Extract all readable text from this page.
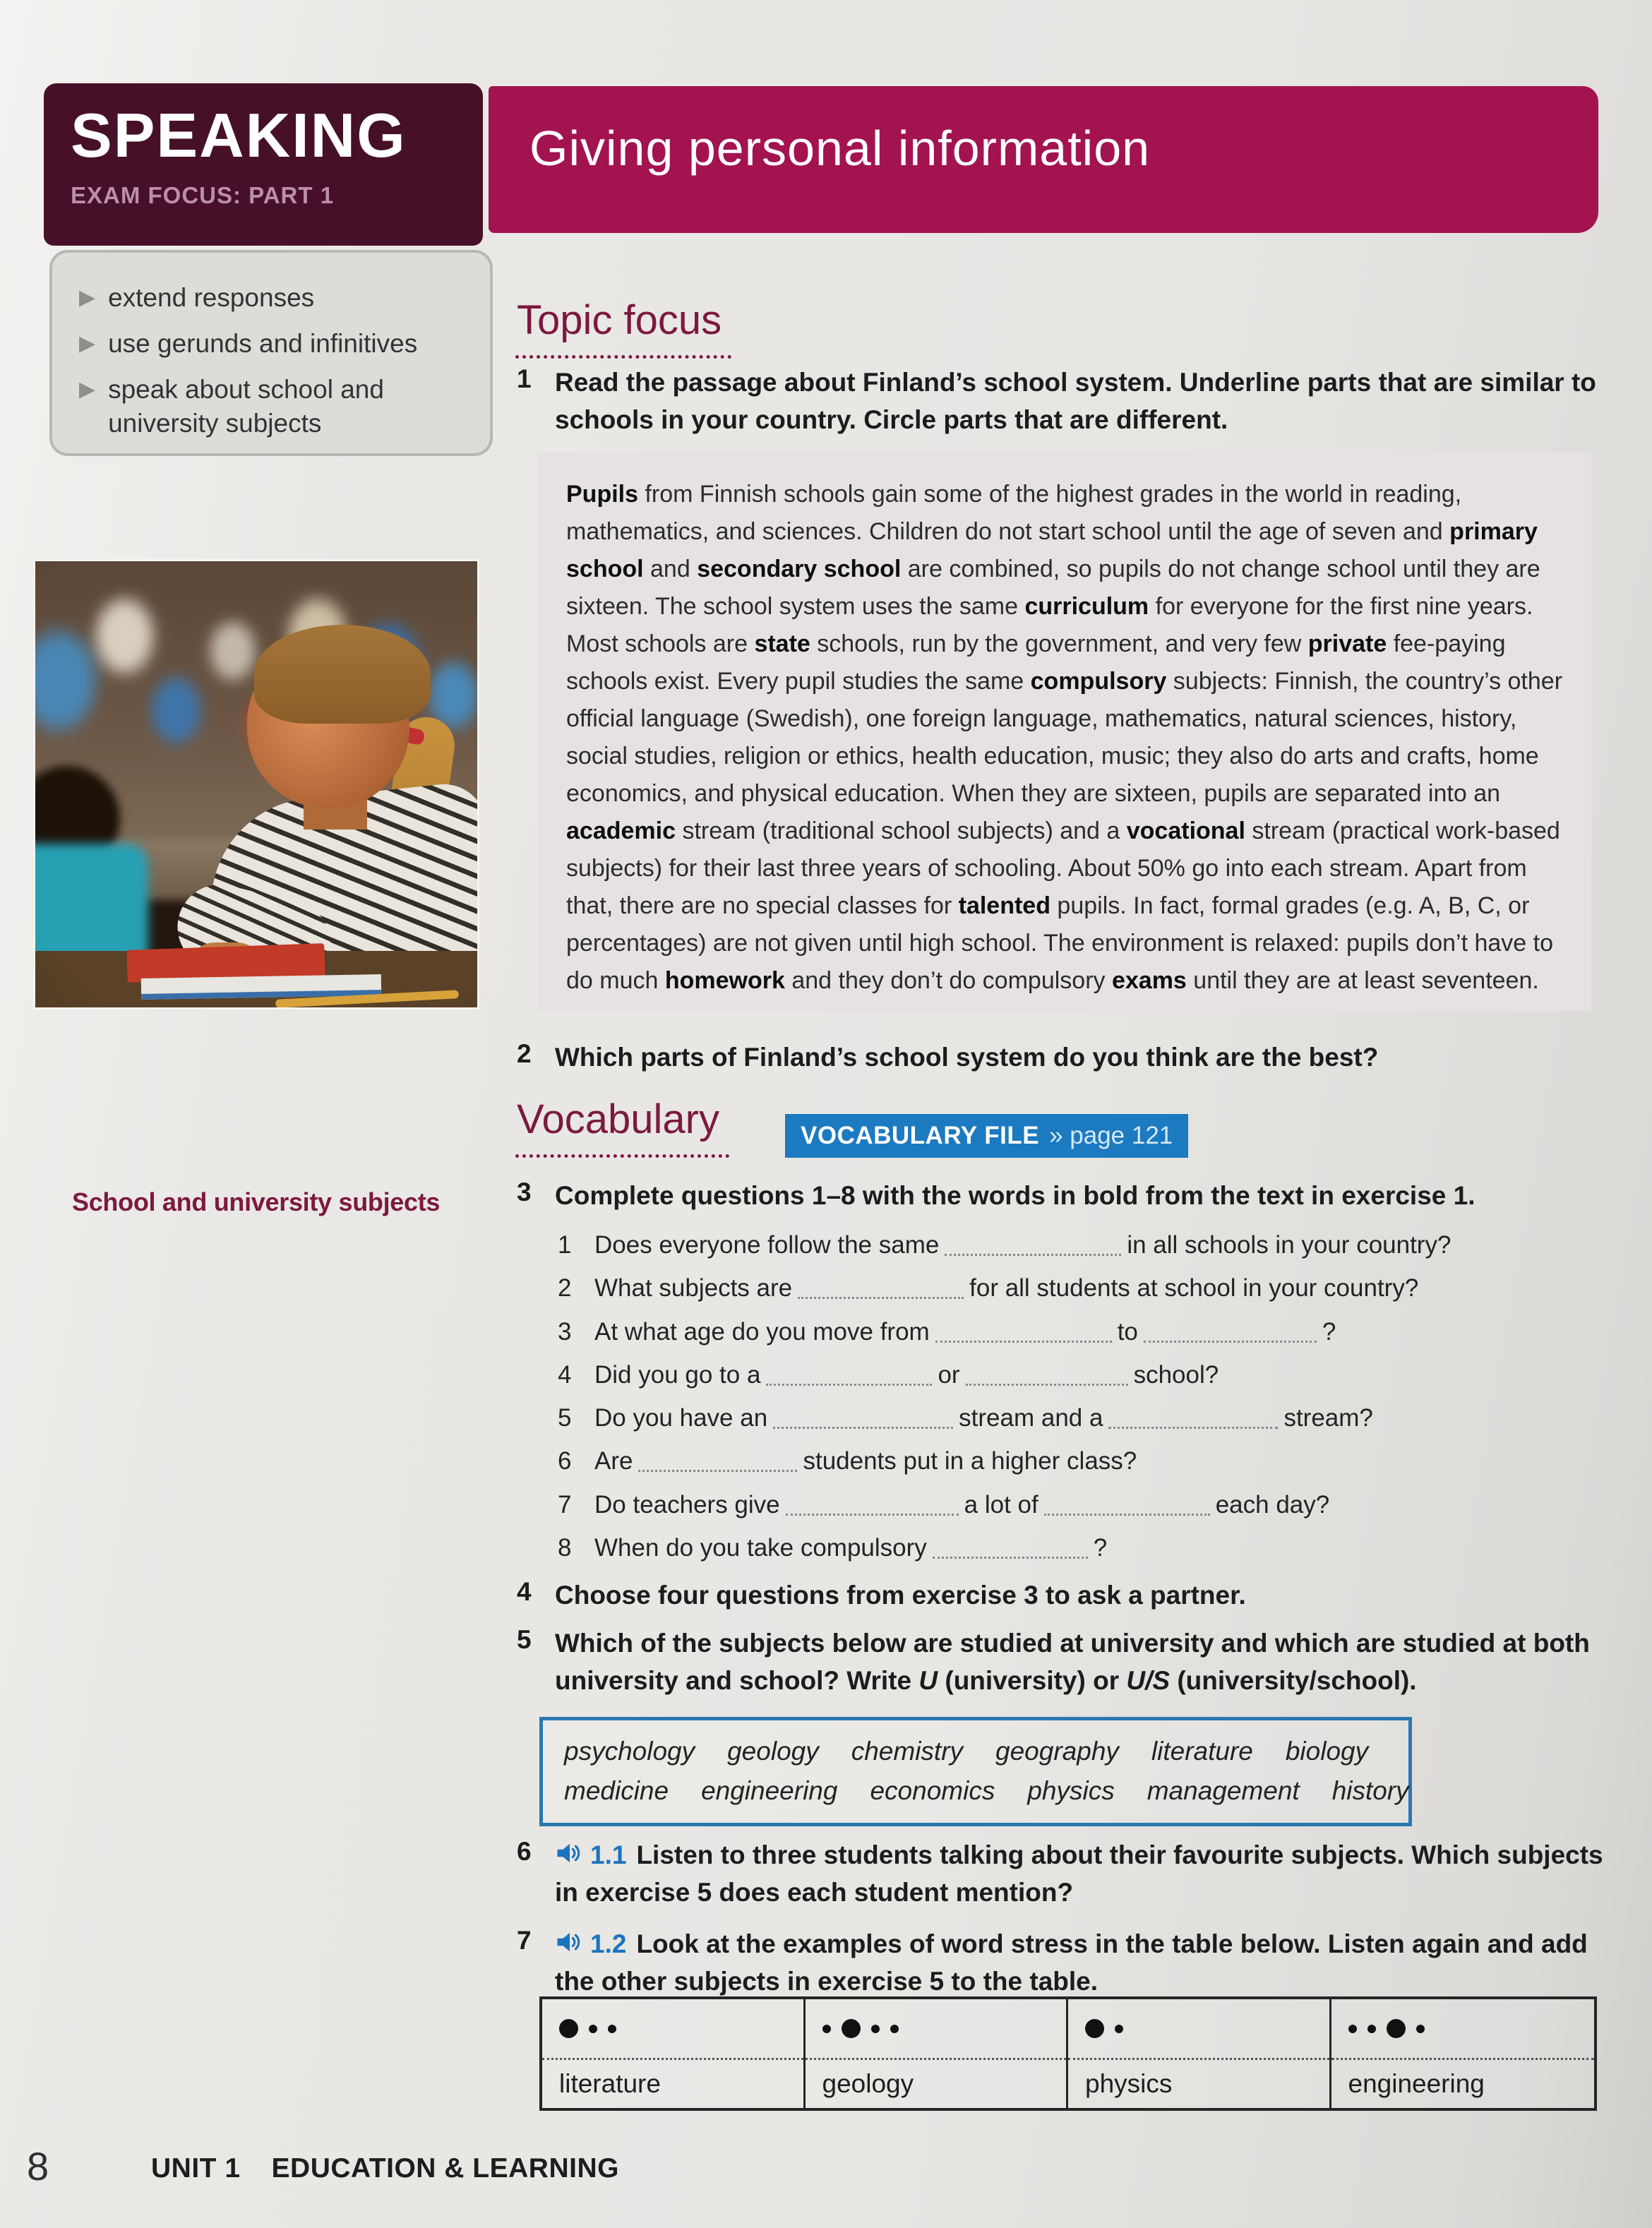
SPEAKING
EXAM FOCUS: PART 1
Giving personal information
▶ extend responses
▶ use gerunds and infinitives
▶ speak about school and university subjects
Topic focus
1 Read the passage about Finland’s school system. Underline parts that are similar to schools in your country. Circle parts that are different.
Pupils from Finnish schools gain some of the highest grades in the world in reading, mathematics, and sciences. Children do not start school until the age of seven and primary school and secondary school are combined, so pupils do not change school until they are sixteen. The school system uses the same curriculum for everyone for the first nine years. Most schools are state schools, run by the government, and very few private fee-paying schools exist. Every pupil studies the same compulsory subjects: Finnish, the country’s other official language (Swedish), one foreign language, mathematics, natural sciences, history, social studies, religion or ethics, health education, music; they also do arts and crafts, home economics, and physical education. When they are sixteen, pupils are separated into an academic stream (traditional school subjects) and a vocational stream (practical work-based subjects) for their last three years of schooling. About 50% go into each stream. Apart from that, there are no special classes for talented pupils. In fact, formal grades (e.g. A, B, C, or percentages) are not given until high school. The environment is relaxed: pupils don’t have to do much homework and they don’t do compulsory exams until they are at least seventeen.
2 Which parts of Finland’s school system do you think are the best?
Vocabulary	VOCABULARY FILE » page 121
School and university subjects	3 Complete questions 1–8 with the words in bold from the text in exercise 1.
1 Does everyone follow the same	in all schools in your country?
2 What subjects are	for all students at school in your country?
3 At what age do you move from	to	?
4 Did you go to a	or	school?
5 Do you have an	stream and a	stream?
6 Are	students put in a higher class?
7 Do teachers give	a lot of	each day?
8 When do you take compulsory	?
4 Choose four questions from exercise 3 to ask a partner.
5 Which of the subjects below are studied at university and which are studied at both university and school? Write U (university) or U/S (university/school).
psychology geology chemistry geography literature biology
medicine engineering economics physics management history
6	1.1 Listen to three students talking about their favourite subjects. Which subjects in exercise 5 does each student mention?
7	1.2 Look at the examples of word stress in the table below. Listen again and add the other subjects in exercise 5 to the table.
literature	geology	physics	engineering
8	UNIT 1 EDUCATION & LEARNING
